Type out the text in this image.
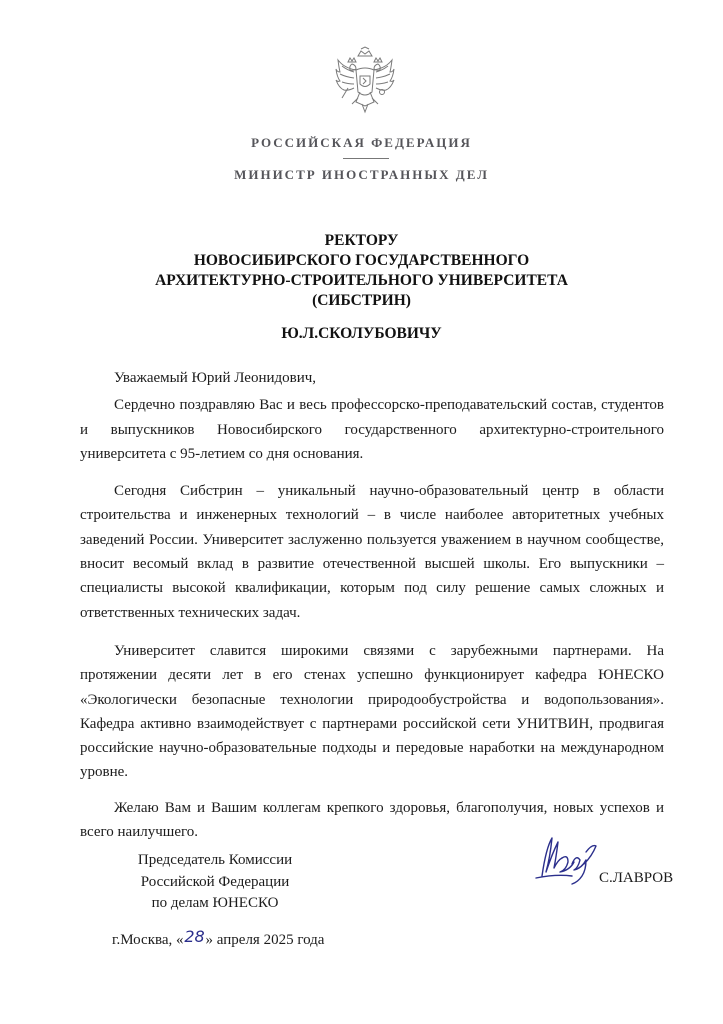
РОССИЙСКАЯ ФЕДЕРАЦИЯ
МИНИСТР ИНОСТРАННЫХ ДЕЛ
РЕКТОРУ
НОВОСИБИРСКОГО ГОСУДАРСТВЕННОГО
АРХИТЕКТУРНО-СТРОИТЕЛЬНОГО УНИВЕРСИТЕТА
(СИБСТРИН)
Ю.Л.СКОЛУБОВИЧУ

Уважаемый Юрий Леонидович,

Сердечно поздравляю Вас и весь профессорско-преподавательский состав, студентов и выпускников Новосибирского государственного архитектурно-строительного университета с 95-летием со дня основания.

Сегодня Сибстрин – уникальный научно-образовательный центр в области строительства и инженерных технологий – в числе наиболее авторитетных учебных заведений России. Университет заслуженно пользуется уважением в научном сообществе, вносит весомый вклад в развитие отечественной высшей школы. Его выпускники – специалисты высокой квалификации, которым под силу решение самых сложных и ответственных технических задач.

Университет славится широкими связями с зарубежными партнерами. На протяжении десяти лет в его стенах успешно функционирует кафедра ЮНЕСКО «Экологически безопасные технологии природообустройства и водопользования». Кафедра активно взаимодействует с партнерами российской сети УНИТВИН, продвигая российские научно-образовательные подходы и передовые наработки на международном уровне.

Желаю Вам и Вашим коллегам крепкого здоровья, благополучия, новых успехов и всего наилучшего.

Председатель Комиссии
Российской Федерации
по делам ЮНЕСКО
С.ЛАВРОВ
г.Москва, «28» апреля 2025 года
